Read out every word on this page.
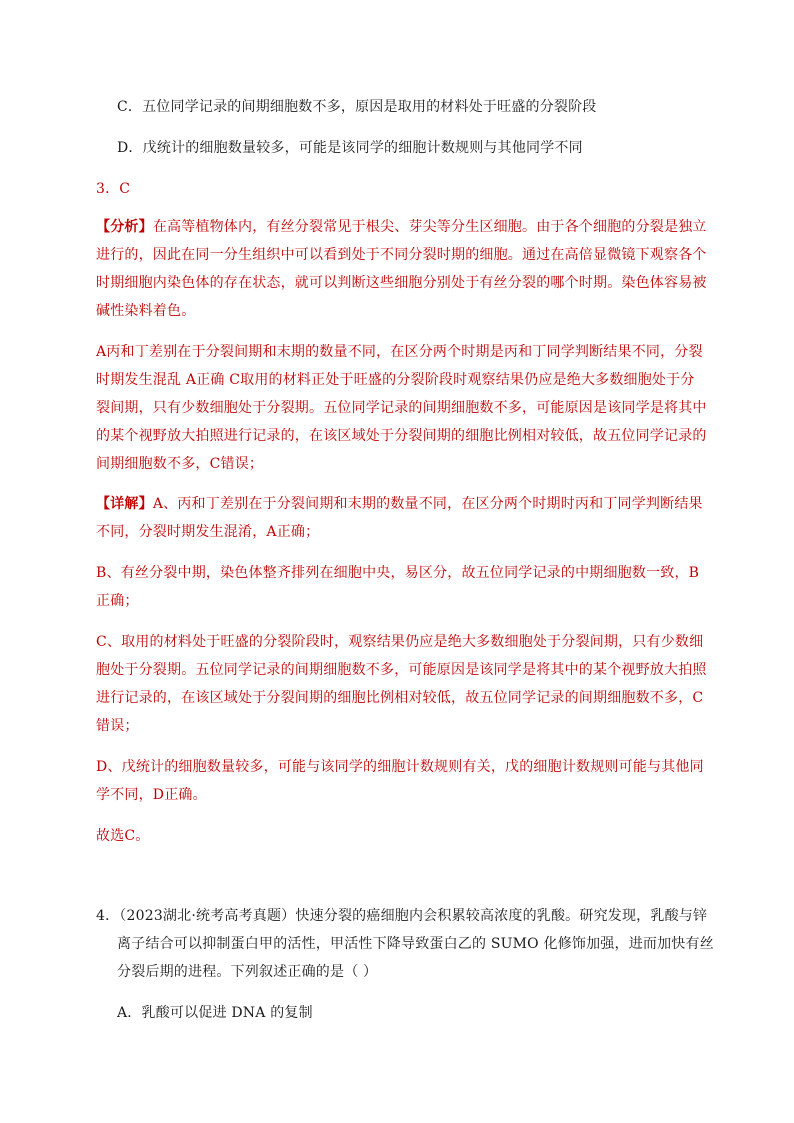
C．五位同学记录的间期细胞数不多，原因是取用的材料处于旺盛的分裂阶段
D．戊统计的细胞数量较多，可能是该同学的细胞计数规则与其他同学不同
3．C
【分析】在高等植物体内，有丝分裂常见于根尖、芽尖等分生区细胞。由于各个细胞的分裂是独立
进行的，因此在同一分生组织中可以看到处于不同分裂时期的细胞。通过在高倍显微镜下观察各个
时期细胞内染色体的存在状态，就可以判断这些细胞分别处于有丝分裂的哪个时期。染色体容易被
碱性染料着色。
A丙和丁差别在于分裂间期和末期的数量不同，在区分两个时期是丙和丁同学判断结果不同，分裂
时期发生混乱 A正确 C取用的材料正处于旺盛的分裂阶段时观察结果仍应是绝大多数细胞处于分
裂间期，只有少数细胞处于分裂期。五位同学记录的间期细胞数不多，可能原因是该同学是将其中
的某个视野放大拍照进行记录的，在该区域处于分裂间期的细胞比例相对较低，故五位同学记录的
间期细胞数不多，C错误；
【详解】A、丙和丁差别在于分裂间期和末期的数量不同，在区分两个时期时丙和丁同学判断结果
不同，分裂时期发生混淆，A正确；
B、有丝分裂中期，染色体整齐排列在细胞中央，易区分，故五位同学记录的中期细胞数一致，B
正确；
C、取用的材料处于旺盛的分裂阶段时，观察结果仍应是绝大多数细胞处于分裂间期，只有少数细
胞处于分裂期。五位同学记录的间期细胞数不多，可能原因是该同学是将其中的某个视野放大拍照
进行记录的，在该区域处于分裂间期的细胞比例相对较低，故五位同学记录的间期细胞数不多，C
错误；
D、戊统计的细胞数量较多，可能与该同学的细胞计数规则有关，戊的细胞计数规则可能与其他同
学不同，D正确。
故选C。
4．（2023湖北·统考高考真题）快速分裂的癌细胞内会积累较高浓度的乳酸。研究发现，乳酸与锌
离子结合可以抑制蛋白甲的活性，甲活性下降导致蛋白乙的 SUMO 化修饰加强，进而加快有丝
分裂后期的进程。下列叙述正确的是（ ）
A．乳酸可以促进 DNA 的复制
